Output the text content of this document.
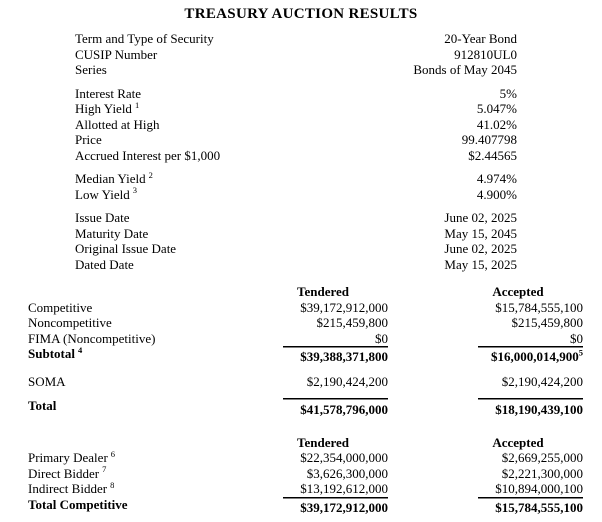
TREASURY AUCTION RESULTS
Term and Type of Security	20-Year Bond
CUSIP Number	912810UL0
Series	Bonds of May 2045
Interest Rate	5%
High Yield $^1$	5.047%
Allotted at High	41.02%
Price	99.407798
Accrued Interest per $1,000	$2.44565
Median Yield $^2$	4.974%
Low Yield $^3$	4.900%
Issue Date	June 02, 2025
Maturity Date	May 15, 2045
Original Issue Date	June 02, 2025
Dated Date	May 15, 2025
Tendered	Accepted
Competitive	$39,172,912,000	$15,784,555,100
Noncompetitive	$215,459,800	$215,459,800
FIMA (Noncompetitive)	$0	$0
Subtotal $^4$	$39,388,371,800	$16,000,014,900$^5$
SOMA	$2,190,424,200	$2,190,424,200
Total	$41,578,796,000	$18,190,439,100
Tendered	Accepted
Primary Dealer $^6$	$22,354,000,000	$2,669,255,000
Direct Bidder $^7$	$3,626,300,000	$2,221,300,000
Indirect Bidder $^8$	$13,192,612,000	$10,894,000,100
Total Competitive	$39,172,912,000	$15,784,555,100
